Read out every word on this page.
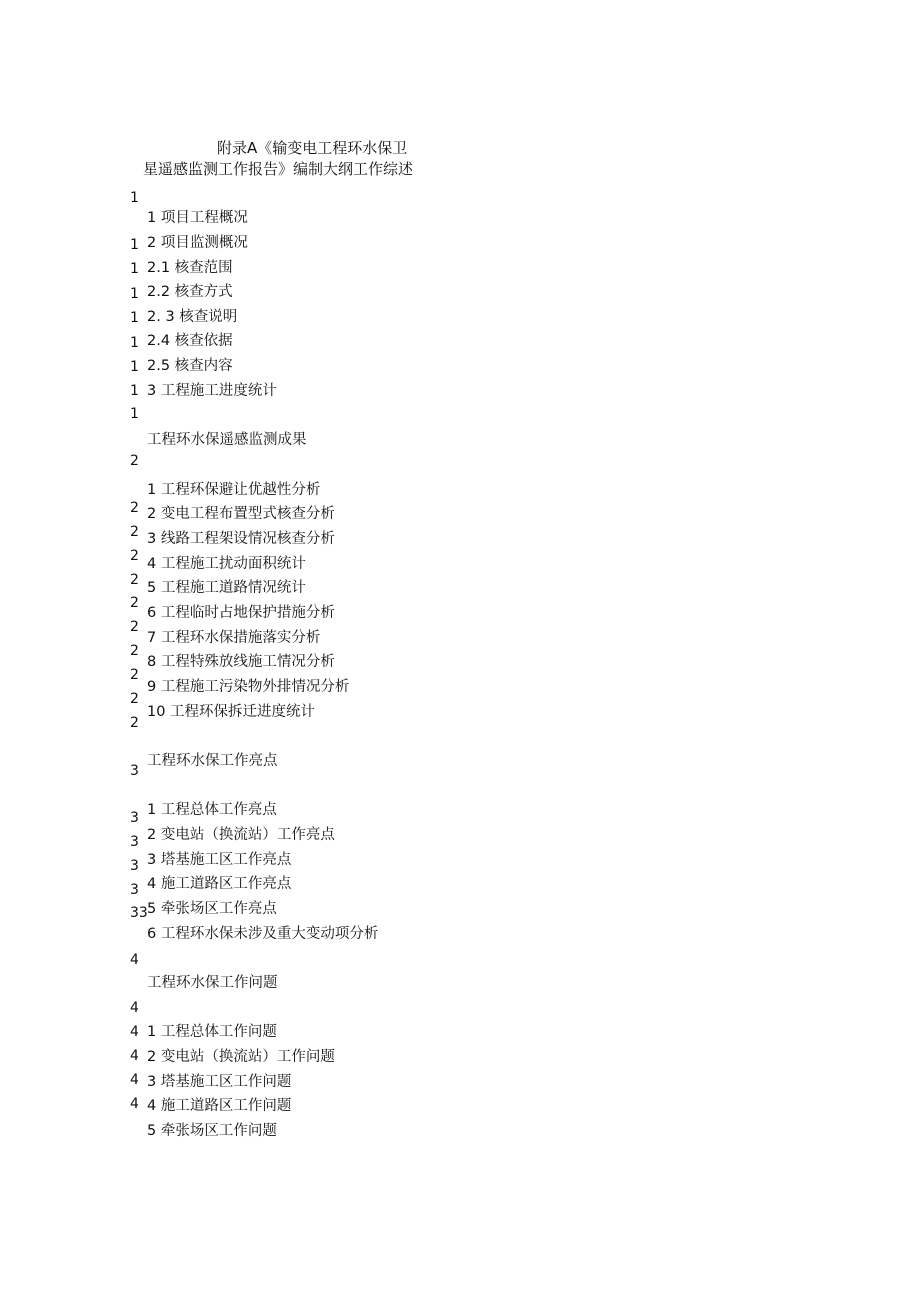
附录A《输变电工程环水保卫
星遥感监测工作报告》编制大纲工作综述
1 项目工程概况
2 项目监测概况
2.1 核查范围
2.2 核查方式
2. 3 核查说明
2.4 核查依据
2.5 核查内容
3 工程施工进度统计
工程环水保遥感监测成果
1 工程环保避让优越性分析
2 变电工程布置型式核查分析
3 线路工程架设情况核查分析
4 工程施工扰动面积统计
5 工程施工道路情况统计
6 工程临时占地保护措施分析
7 工程环水保措施落实分析
8 工程特殊放线施工情况分析
9 工程施工污染物外排情况分析
10 工程环保拆迁进度统计
工程环水保工作亮点
1 工程总体工作亮点
2 变电站（换流站）工作亮点
3 塔基施工区工作亮点
4 施工道路区工作亮点
5 牵张场区工作亮点
6 工程环水保未涉及重大变动项分析
工程环水保工作问题
1 工程总体工作问题
2 变电站（换流站）工作问题
3 塔基施工区工作问题
4 施工道路区工作问题
5 牵张场区工作问题
1
1
1
1
1
1
1
1
1
2
2
2
2
2
2
2
2
2
2
2
3
3
3
3
3
33
4
4
4
4
4
4
